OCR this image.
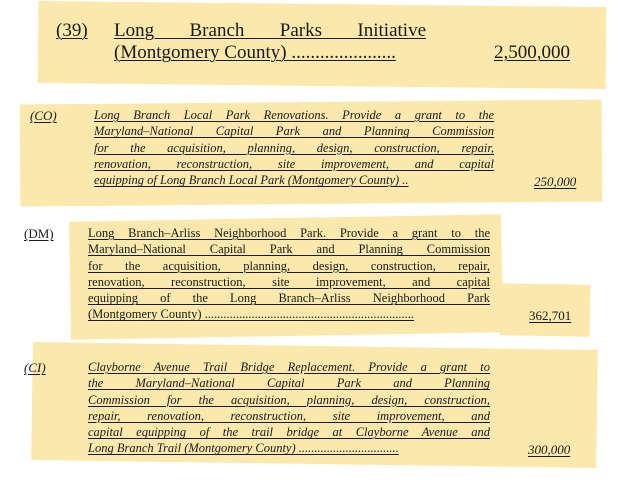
(39) Long Branch Parks Initiative
(Montgomery County) ......................	2,500,000
(CO)	Long Branch Local Park Renovations. Provide a grant to the
Maryland–National Capital Park and Planning Commission
for the acquisition, planning, design, construction, repair,
renovation, reconstruction, site improvement, and capital
equipping of Long Branch Local Park (Montgomery County) ..	250,000
(DM)	Long Branch–Arliss Neighborhood Park. Provide a grant to the
Maryland–National Capital Park and Planning Commission
for the acquisition, planning, design, construction, repair,
renovation, reconstruction, site improvement, and capital
equipping of the Long Branch–Arliss Neighborhood Park
(Montgomery County) ...................................................................	362,701
(CI)	Clayborne Avenue Trail Bridge Replacement. Provide a grant to
the Maryland–National Capital Park and Planning
Commission for the acquisition, planning, design, construction,
repair, renovation, reconstruction, site improvement, and
capital equipping of the trail bridge at Clayborne Avenue and
Long Branch Trail (Montgomery County) ................................	300,000
